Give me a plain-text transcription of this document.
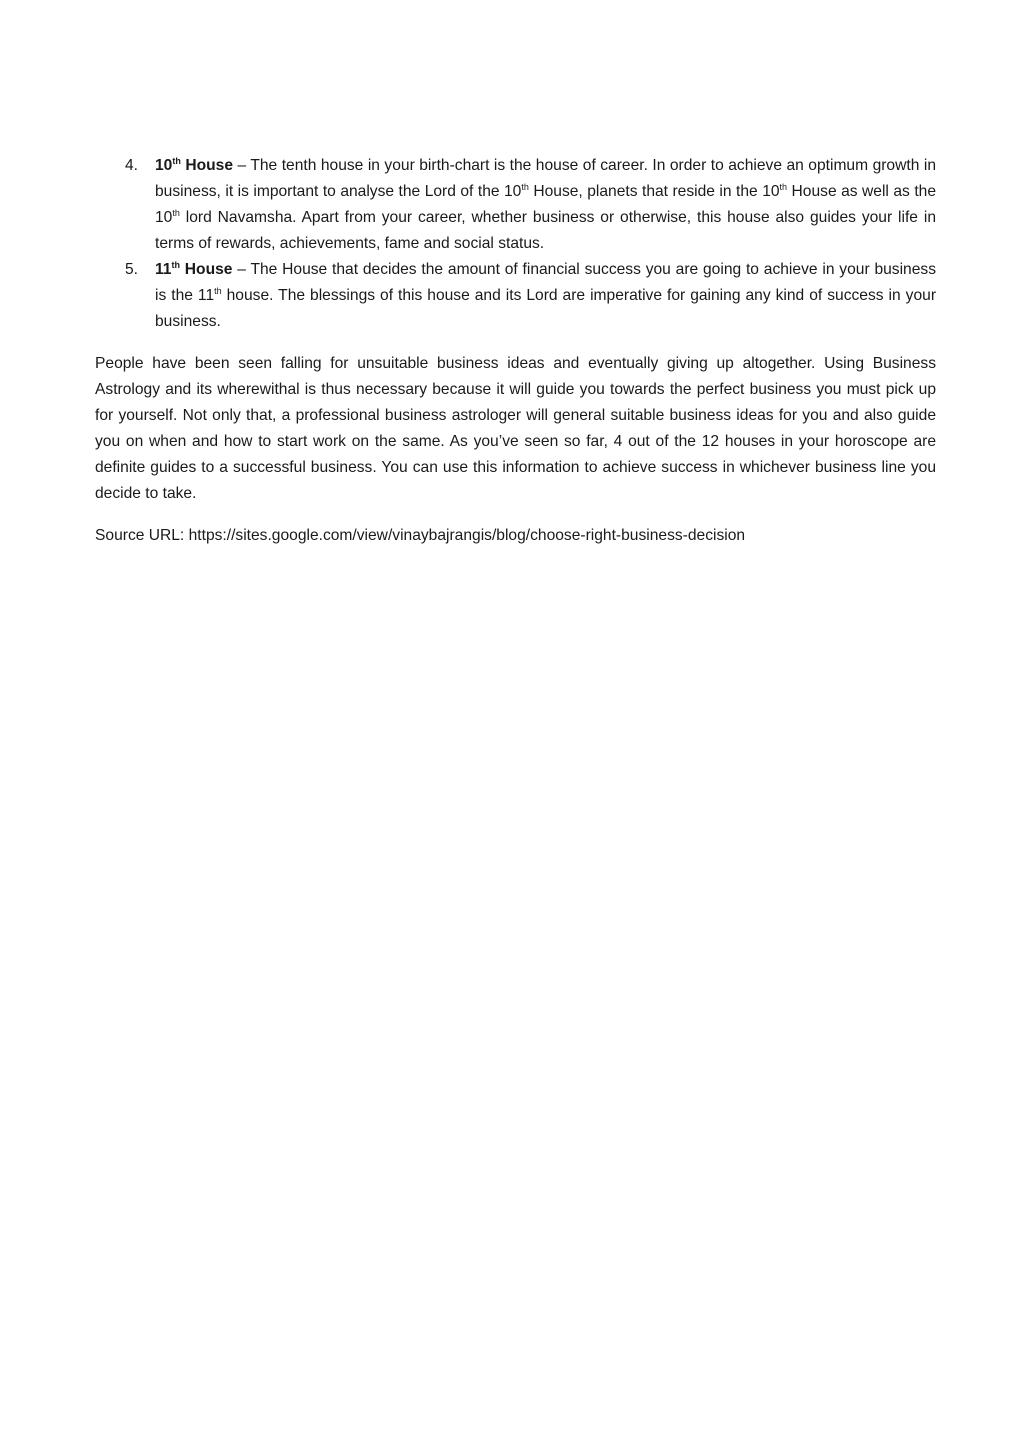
4. 10th House – The tenth house in your birth-chart is the house of career. In order to achieve an optimum growth in business, it is important to analyse the Lord of the 10th House, planets that reside in the 10th House as well as the 10th lord Navamsha. Apart from your career, whether business or otherwise, this house also guides your life in terms of rewards, achievements, fame and social status.
5. 11th House – The House that decides the amount of financial success you are going to achieve in your business is the 11th house. The blessings of this house and its Lord are imperative for gaining any kind of success in your business.

People have been seen falling for unsuitable business ideas and eventually giving up altogether. Using Business Astrology and its wherewithal is thus necessary because it will guide you towards the perfect business you must pick up for yourself. Not only that, a professional business astrologer will general suitable business ideas for you and also guide you on when and how to start work on the same. As you’ve seen so far, 4 out of the 12 houses in your horoscope are definite guides to a successful business. You can use this information to achieve success in whichever business line you decide to take.

Source URL: https://sites.google.com/view/vinaybajrangis/blog/choose-right-business-decision
